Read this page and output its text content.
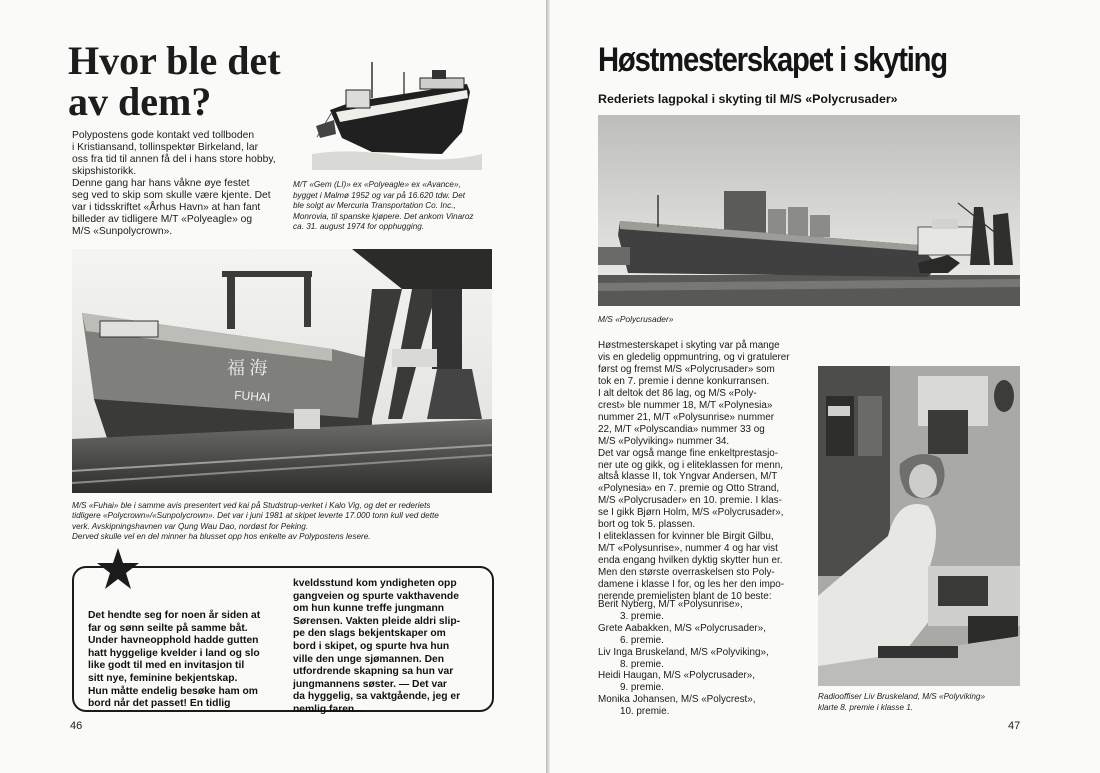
Hvor ble det
av dem?
Polypostens gode kontakt ved tollboden
i Kristiansand, tollinspektør Birkeland, lar
oss fra tid til annen få del i hans store hobby,
skipshistorikk.
Denne gang har hans våkne øye festet
seg ved to skip som skulle være kjente. Det
var i tidsskriftet «Århus Havn» at han fant
billeder av tidligere M/T «Polyeagle» og
M/S «Sunpolycrown».
M/T «Gem (LI)» ex «Polyeagle» ex «Avance»,
bygget i Malmø 1952 og var på 16.620 tdw. Det
ble solgt av Mercuria Transportation Co. Inc.,
Monrovia, til spanske kjøpere. Det ankom Vinaroz
ca. 31. august 1974 for opphugging.
FUHAI
福 海
M/S «Fuhai» ble i samme avis presentert ved kai på Studstrup-verket i Kalo Vig, og det er rederiets
tidligere «Polycrown»/«Sunpolycrown». Det var i juni 1981 at skipet leverte 17.000 tonn kull ved dette
verk. Avskipningshavnen var Qung Wau Dao, nordøst for Peking.
Derved skulle vel en del minner ha blusset opp hos enkelte av Polypostens lesere.
Det hendte seg for noen år siden at
far og sønn seilte på samme båt.
Under havneopphold hadde gutten
hatt hyggelige kvelder i land og slo
like godt til med en invitasjon til
sitt nye, feminine bekjentskap.
Hun måtte endelig besøke ham om
bord når det passet! En tidlig
kveldsstund kom yndigheten opp
gangveien og spurte vakthavende
om hun kunne treffe jungmann
Sørensen. Vakten pleide aldri slip-
pe den slags bekjentskaper om
bord i skipet, og spurte hva hun
ville den unge sjømannen. Den
utfordrende skapning sa hun var
jungmannens søster. — Det var
da hyggelig, sa vaktgående, jeg er
nemlig faren...
46
Høstmesterskapet i skyting
Rederiets lagpokal i skyting til M/S «Polycrusader»
M/S «Polycrusader»
Høstmesterskapet i skyting var på mange
vis en gledelig oppmuntring, og vi gratulerer
først og fremst M/S «Polycrusader» som
tok en 7. premie i denne konkurransen.
I alt deltok det 86 lag, og M/S «Poly-
crest» ble nummer 18, M/T «Polynesia»
nummer 21, M/T «Polysunrise» nummer
22, M/T «Polyscandia» nummer 33 og
M/S «Polyviking» nummer 34.
Det var også mange fine enkeltprestasjo-
ner ute og gikk, og i eliteklassen for menn,
altså klasse II, tok Yngvar Andersen, M/T
«Polynesia» en 7. premie og Otto Strand,
M/S «Polycrusader» en 10. premie. I klas-
se I gikk Bjørn Holm, M/S «Polycrusader»,
bort og tok 5. plassen.
I eliteklassen for kvinner ble Birgit Gilbu,
M/T «Polysunrise», nummer 4 og har vist
enda engang hvilken dyktig skytter hun er.
Men den største overraskelsen sto Poly-
damene i klasse I for, og les her den impo-
nerende premielisten blant de 10 beste:
Berit Nyberg, M/T «Polysunrise»,
3. premie.
Grete Aabakken, M/S «Polycrusader»,
6. premie.
Liv Inga Bruskeland, M/S «Polyviking»,
8. premie.
Heidi Haugan, M/S «Polycrusader»,
9. premie.
Monika Johansen, M/S «Polycrest»,
10. premie.
Radiooffiser Liv Bruskeland, M/S «Polyviking»
klarte 8. premie i klasse 1.
47
